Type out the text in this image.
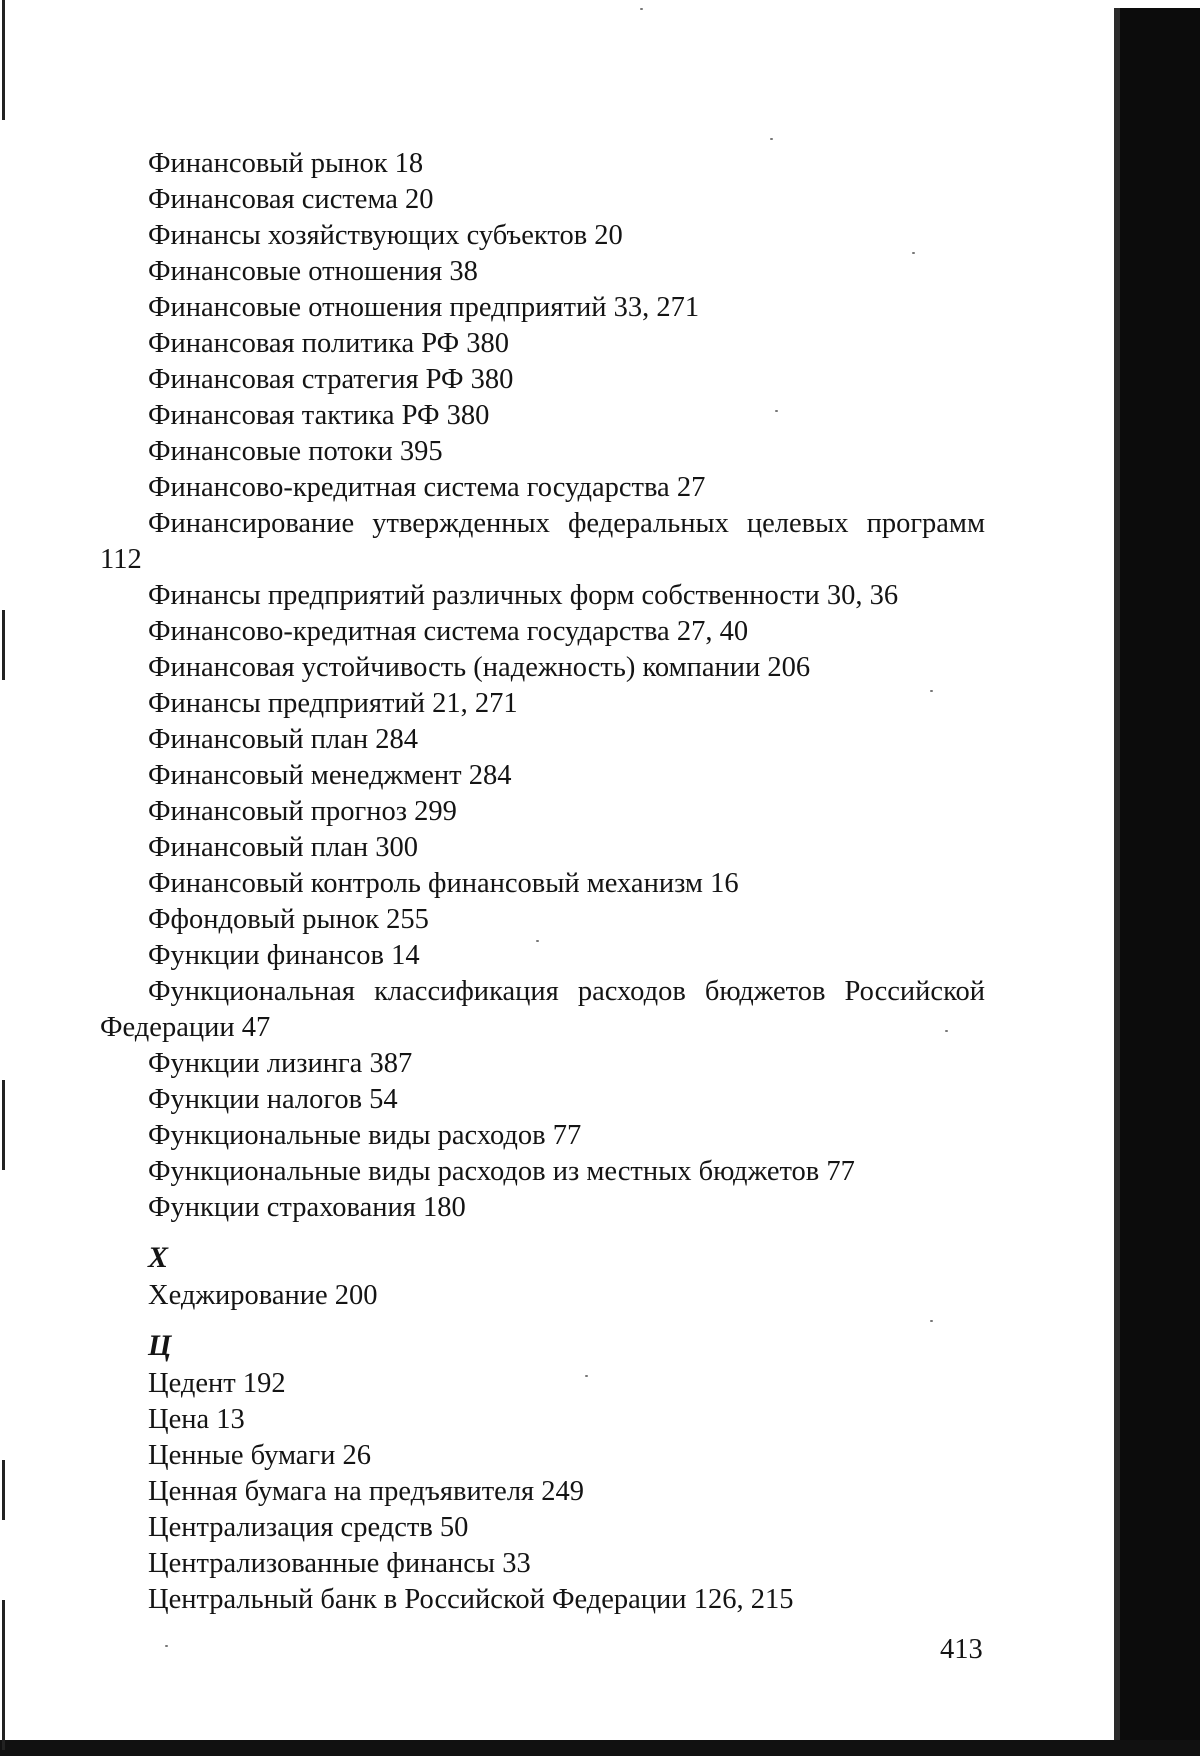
Финансовый рынок 18

Финансовая система 20

Финансы хозяйствующих субъектов 20

Финансовые отношения 38

Финансовые отношения предприятий 33, 271

Финансовая политика РФ 380

Финансовая стратегия РФ 380

Финансовая тактика РФ 380

Финансовые потоки 395

Финансово-кредитная система государства 27

Финансирование утвержденных федеральных целевых программ 112

Финансы предприятий различных форм собственности 30, 36

Финансово-кредитная система государства 27, 40

Финансовая устойчивость (надежность) компании 206

Финансы предприятий 21, 271

Финансовый план 284

Финансовый менеджмент 284

Финансовый прогноз 299

Финансовый план 300

Финансовый контроль финансовый механизм 16

Ффондовый рынок 255

Функции финансов 14

Функциональная классификация расходов бюджетов Российской Федерации 47

Функции лизинга 387

Функции налогов 54

Функциональные виды расходов 77

Функциональные виды расходов из местных бюджетов 77

Функции страхования 180

Х

Хеджирование 200

Ц

Цедент 192

Цена 13

Ценные бумаги 26

Ценная бумага на предъявителя 249

Централизация средств 50

Централизованные финансы 33

Центральный банк в Российской Федерации 126, 215

413
